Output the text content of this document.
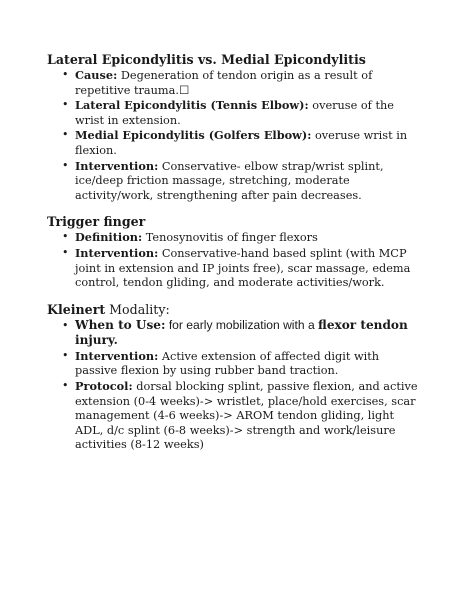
Lateral Epicondylitis vs. Medial Epicondylitis

• Cause: Degeneration of tendon origin as a result of repetitive trauma.☐
• Lateral Epicondylitis (Tennis Elbow): overuse of the wrist in extension.
• Medial Epicondylitis (Golfers Elbow): overuse wrist in flexion.
• Intervention: Conservative- elbow strap/wrist splint, ice/deep friction massage, stretching, moderate activity/work, strengthening after pain decreases.

Trigger finger

• Definition: Tenosynovitis of finger flexors
• Intervention: Conservative-hand based splint (with MCP joint in extension and IP joints free), scar massage, edema control, tendon gliding, and moderate activities/work.

Kleinert Modality:

• When to Use: for early mobilization with a flexor tendon injury.
• Intervention: Active extension of affected digit with passive flexion by using rubber band traction.
• Protocol: dorsal blocking splint, passive flexion, and active extension (0-4 weeks)-> wristlet, place/hold exercises, scar management (4-6 weeks)-> AROM tendon gliding, light ADL, d/c splint (6-8 weeks)-> strength and work/leisure activities (8-12 weeks)
